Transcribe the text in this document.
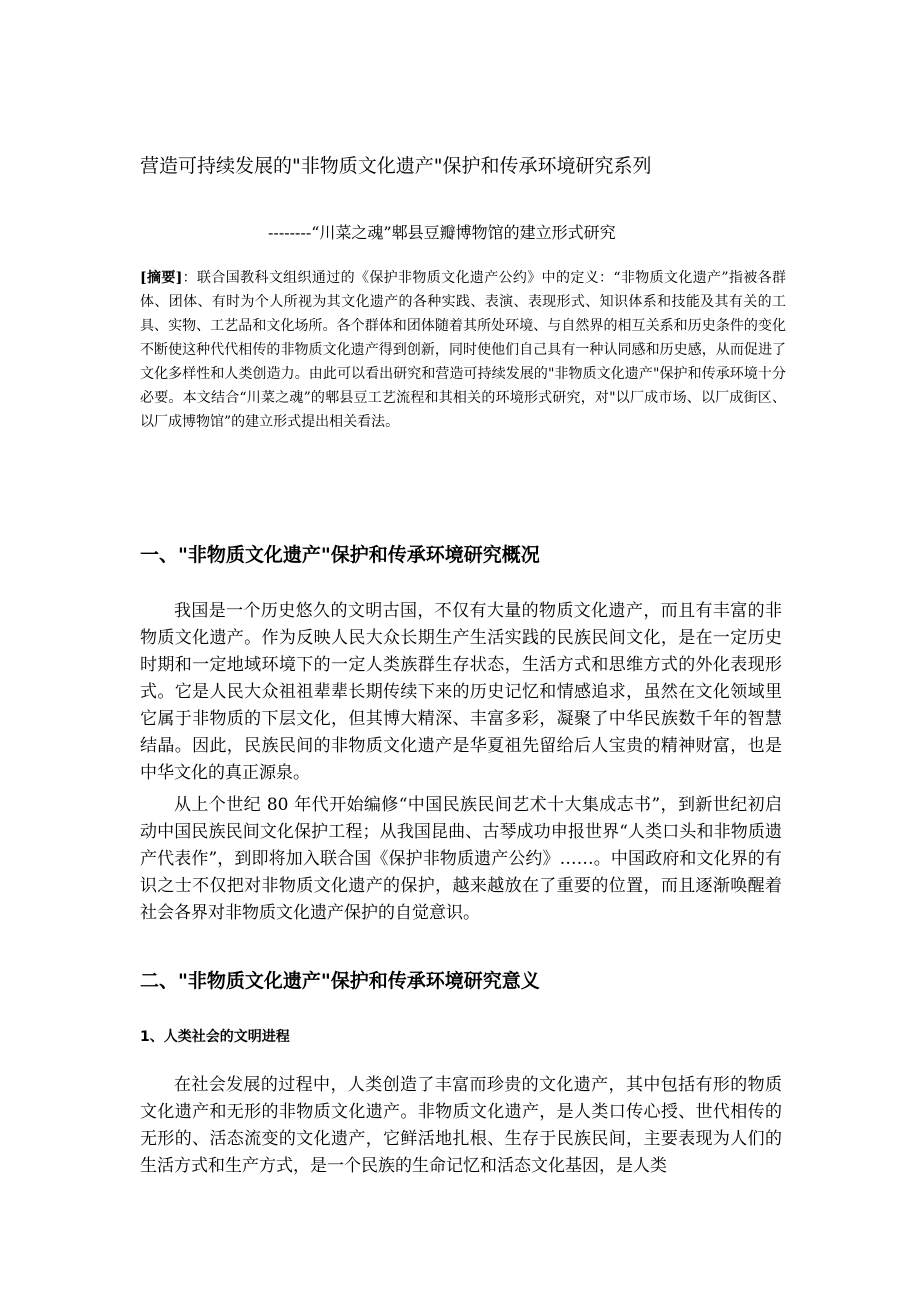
营造可持续发展的"非物质文化遗产"保护和传承环境研究系列

--------“川菜之魂”郫县豆瓣博物馆的建立形式研究

[摘要]：联合国教科文组织通过的《保护非物质文化遗产公约》中的定义：“非物质文化遗产”指被各群体、团体、有时为个人所视为其文化遗产的各种实践、表演、表现形式、知识体系和技能及其有关的工具、实物、工艺品和文化场所。各个群体和团体随着其所处环境、与自然界的相互关系和历史条件的变化不断使这种代代相传的非物质文化遗产得到创新，同时使他们自己具有一种认同感和历史感，从而促进了文化多样性和人类创造力。由此可以看出研究和营造可持续发展的"非物质文化遗产"保护和传承环境十分必要。本文结合“川菜之魂”的郫县豆工艺流程和其相关的环境形式研究，对"以厂成市场、以厂成街区、以厂成博物馆”的建立形式提出相关看法。

一、"非物质文化遗产"保护和传承环境研究概况

我国是一个历史悠久的文明古国，不仅有大量的物质文化遗产，而且有丰富的非物质文化遗产。作为反映人民大众长期生产生活实践的民族民间文化，是在一定历史时期和一定地域环境下的一定人类族群生存状态，生活方式和思维方式的外化表现形式。它是人民大众祖祖辈辈长期传续下来的历史记忆和情感追求，虽然在文化领域里它属于非物质的下层文化，但其博大精深、丰富多彩，凝聚了中华民族数千年的智慧结晶。因此，民族民间的非物质文化遗产是华夏祖先留给后人宝贵的精神财富，也是中华文化的真正源泉。

从上个世纪 80 年代开始编修“中国民族民间艺术十大集成志书”，到新世纪初启动中国民族民间文化保护工程；从我国昆曲、古琴成功申报世界“人类口头和非物质遗产代表作”，到即将加入联合国《保护非物质遗产公约》……。中国政府和文化界的有识之士不仅把对非物质文化遗产的保护，越来越放在了重要的位置，而且逐渐唤醒着社会各界对非物质文化遗产保护的自觉意识。

二、"非物质文化遗产"保护和传承环境研究意义
1、人类社会的文明进程

在社会发展的过程中，人类创造了丰富而珍贵的文化遗产，其中包括有形的物质文化遗产和无形的非物质文化遗产。非物质文化遗产，是人类口传心授、世代相传的无形的、活态流变的文化遗产，它鲜活地扎根、生存于民族民间，主要表现为人们的生活方式和生产方式，是一个民族的生命记忆和活态文化基因，是人类
